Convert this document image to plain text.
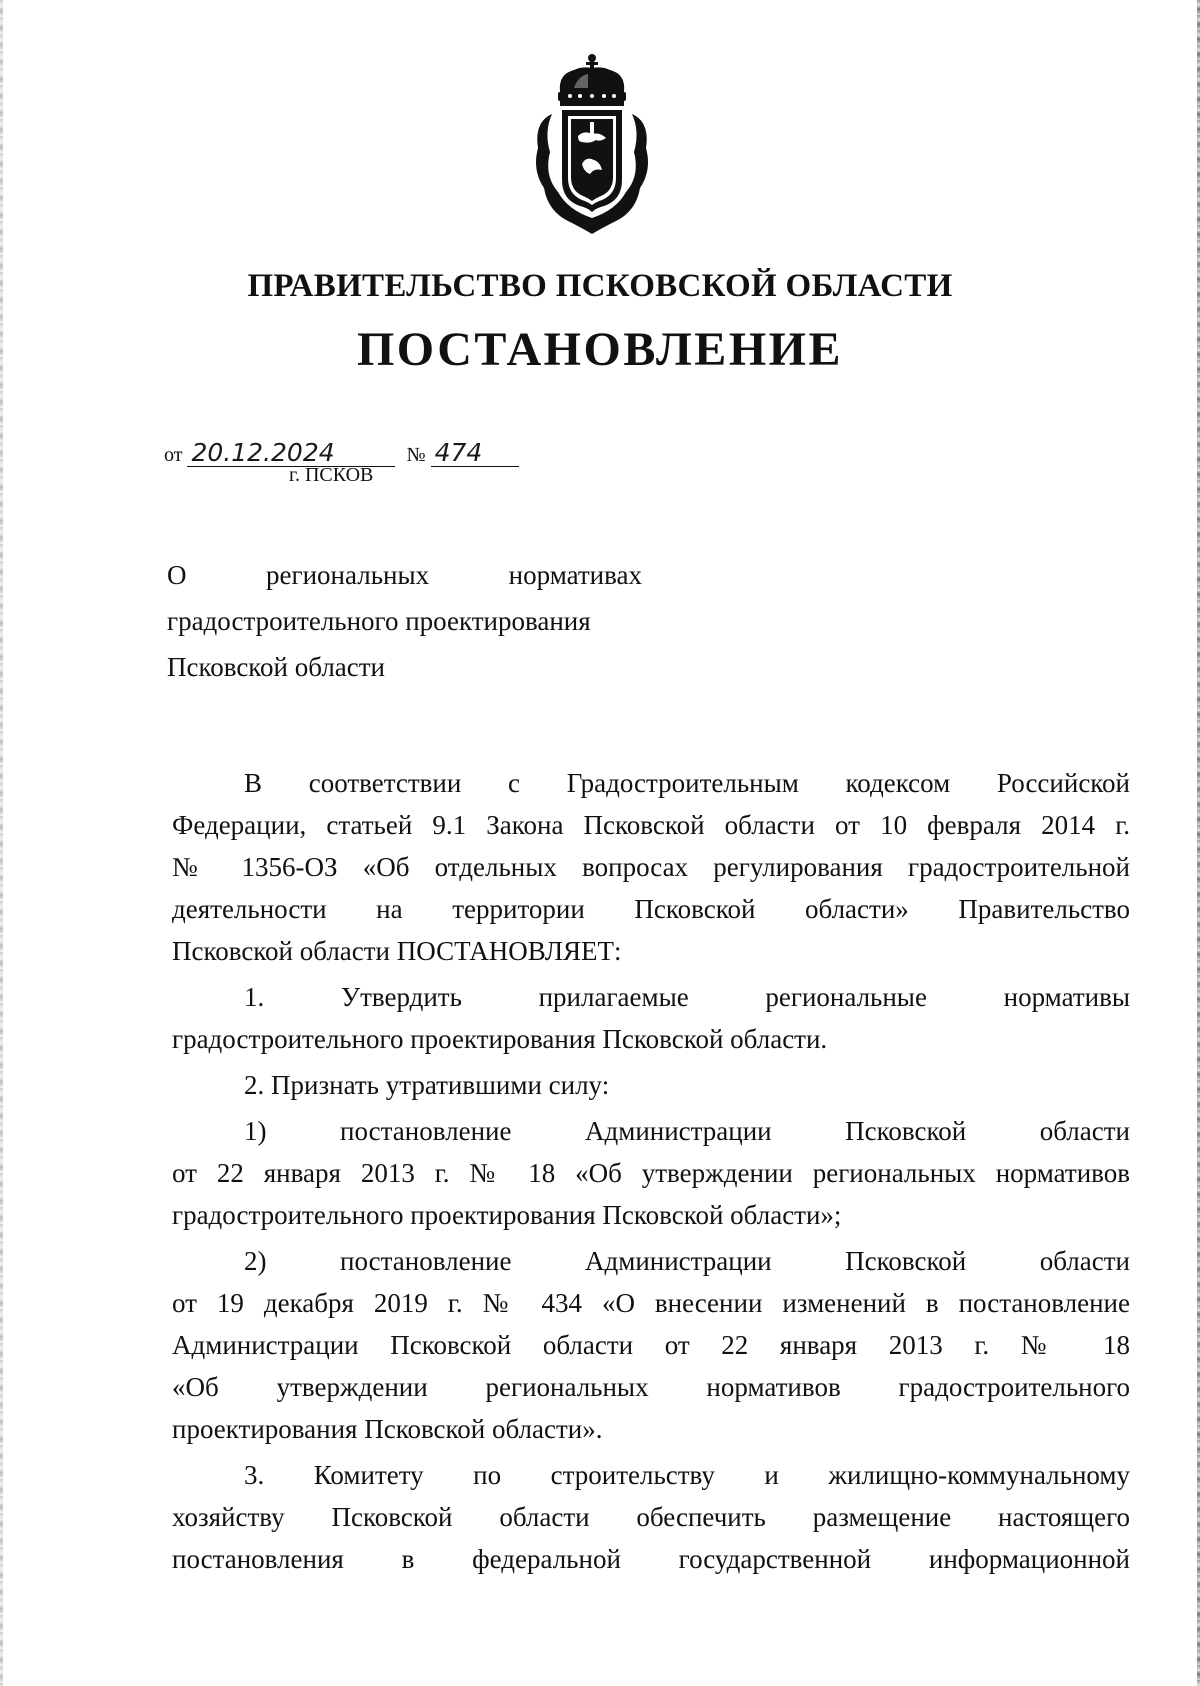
ПРАВИТЕЛЬСТВО ПСКОВСКОЙ ОБЛАСТИ
ПОСТАНОВЛЕНИЕ
от 20.12.2024	№ 474
г. ПСКОВ
О региональных нормативах
градостроительного проектирования
Псковской области
В соответствии с Градостроительным кодексом Российской
Федерации, статьей 9.1 Закона Псковской области от 10 февраля 2014 г.
№ 1356-ОЗ «Об отдельных вопросах регулирования градостроительной
деятельности на территории Псковской области» Правительство
Псковской области ПОСТАНОВЛЯЕТ:
1. Утвердить прилагаемые региональные нормативы
градостроительного проектирования Псковской области.
2. Признать утратившими силу:
1) постановление Администрации Псковской области
от 22 января 2013 г. № 18 «Об утверждении региональных нормативов
градостроительного проектирования Псковской области»;
2) постановление Администрации Псковской области
от 19 декабря 2019 г. № 434 «О внесении изменений в постановление
Администрации Псковской области от 22 января 2013 г. № 18
«Об утверждении региональных нормативов градостроительного
проектирования Псковской области».
3. Комитету по строительству и жилищно-коммунальному
хозяйству Псковской области обеспечить размещение настоящего
постановления в федеральной государственной информационной
